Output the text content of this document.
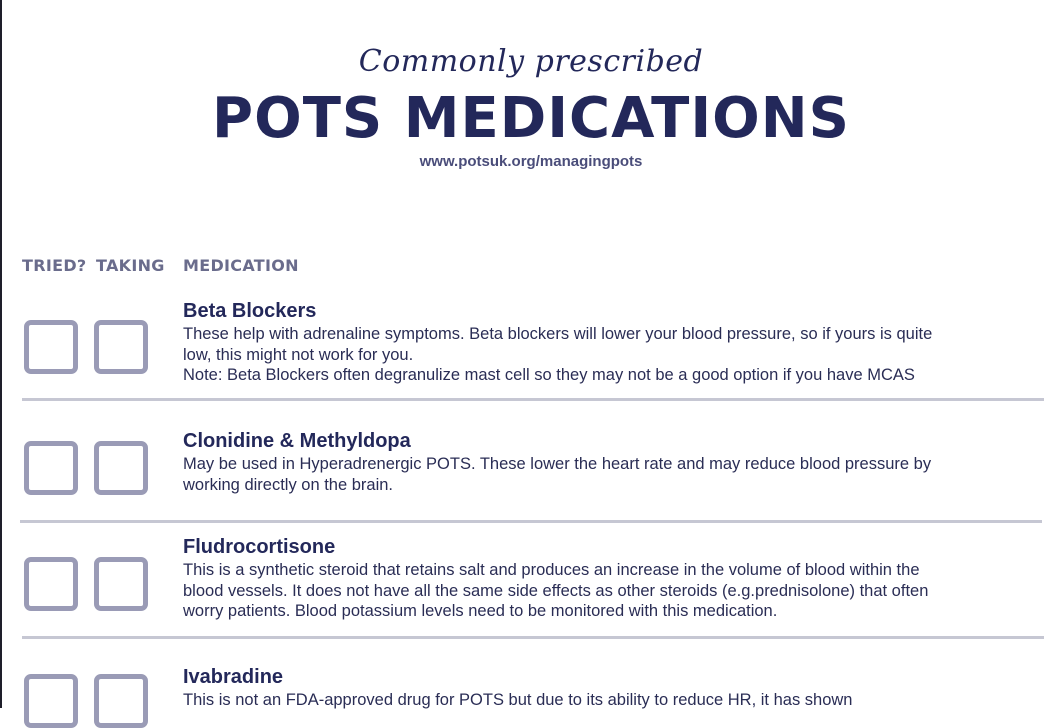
Commonly prescribed
POTS MEDICATIONS
www.potsuk.org/managingpots
TRIED? TAKING MEDICATION
Beta Blockers
These help with adrenaline symptoms. Beta blockers will lower your blood pressure, so if yours is quite
low, this might not work for you.
Note: Beta Blockers often degranulize mast cell so they may not be a good option if you have MCAS
Clonidine & Methyldopa
May be used in Hyperadrenergic POTS. These lower the heart rate and may reduce blood pressure by
working directly on the brain.
Fludrocortisone
This is a synthetic steroid that retains salt and produces an increase in the volume of blood within the
blood vessels. It does not have all the same side effects as other steroids (e.g.prednisolone) that often
worry patients. Blood potassium levels need to be monitored with this medication.
Ivabradine
This is not an FDA-approved drug for POTS but due to its ability to reduce HR, it has shown
